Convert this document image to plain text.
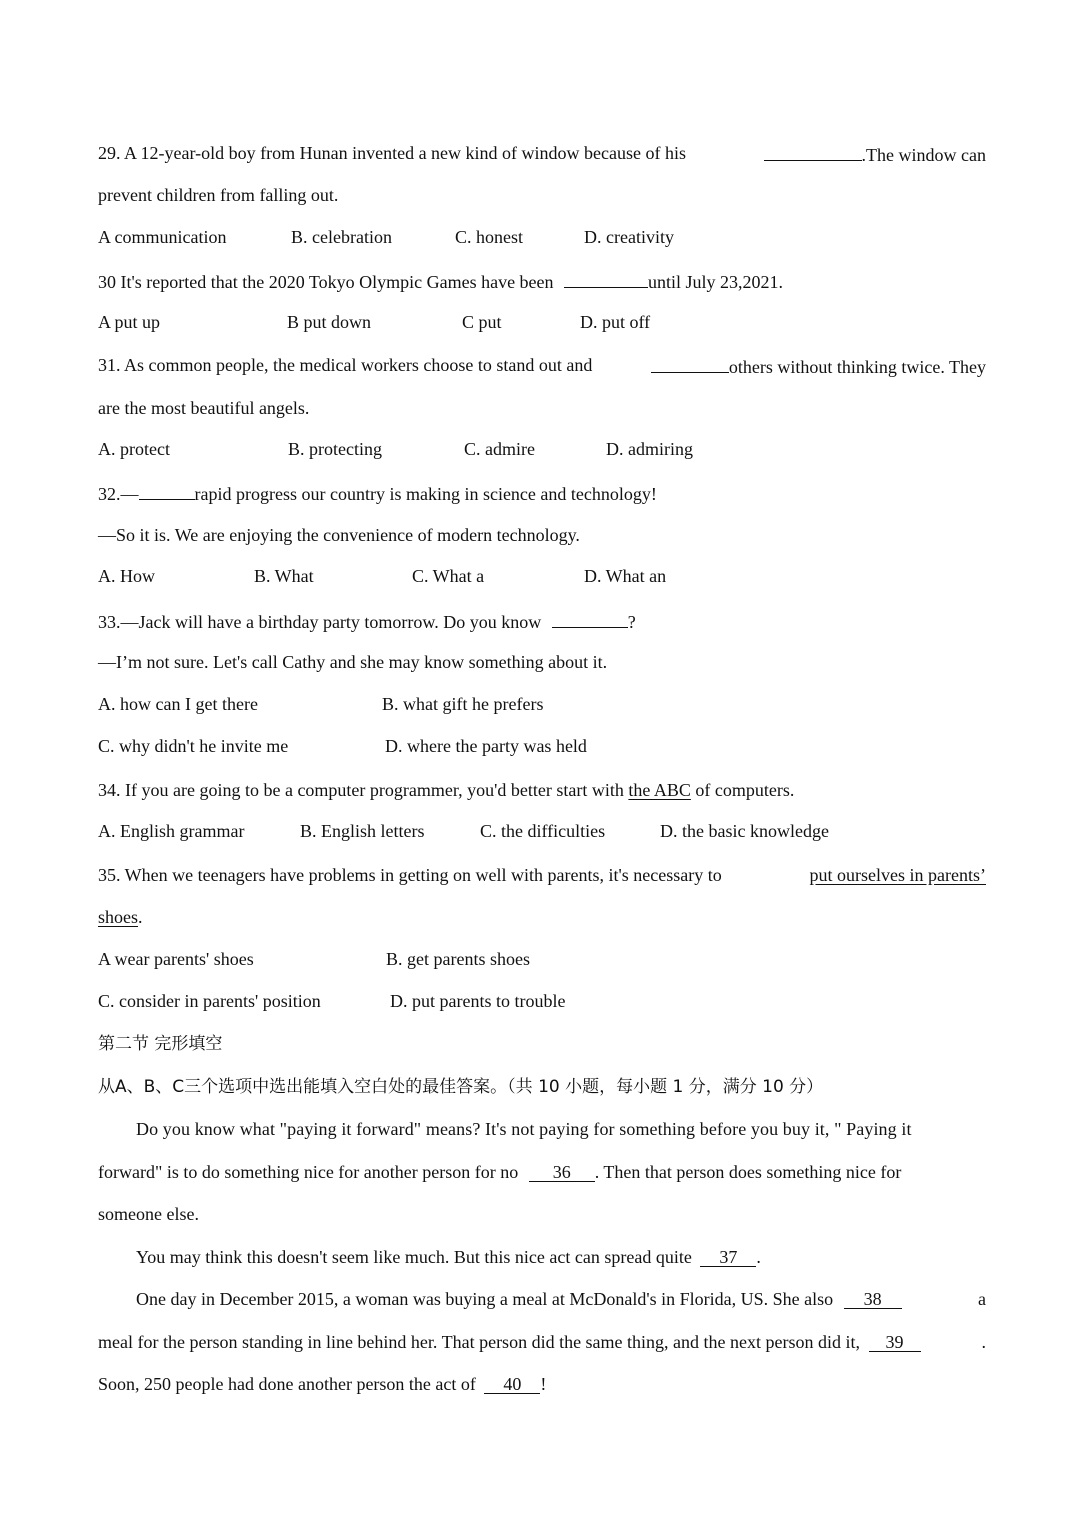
29. A 12-year-old boy from Hunan invented a new kind of window because of his	.The window can
prevent children from falling out.
A communication	B. celebration	C. honest	D. creativity
30 It's reported that the 2020 Tokyo Olympic Games have been	until July 23,2021.
A put up	B put down	C put	D. put off
31. As common people, the medical workers choose to stand out and	others without thinking twice. They
are the most beautiful angels.
A. protect	B. protecting	C. admire	D. admiring
32.—	rapid progress our country is making in science and technology!
—So it is. We are enjoying the convenience of modern technology.
A. How	B. What	C. What a	D. What an
33.—Jack will have a birthday party tomorrow. Do you know	?
—I’m not sure. Let's call Cathy and she may know something about it.
A. how can I get there	B. what gift he prefers
C. why didn't he invite me	D. where the party was held
34. If you are going to be a computer programmer, you'd better start with the ABC of computers.
A. English grammar	B. English letters	C. the difficulties	D. the basic knowledge
35. When we teenagers have problems in getting on well with parents, it's necessary to	put ourselves in parents’
shoes.
A wear parents' shoes	B. get parents shoes
C. consider in parents' position	D. put parents to trouble
第二节 完形填空
从A、B、C三个选项中选出能填入空白处的最佳答案。（共 10 小题，每小题 1 分，满分 10 分）
Do you know what "paying it forward" means? It's not paying for something before you buy it, " Paying it
forward" is to do something nice for another person for no 36 . Then that person does something nice for
someone else.
You may think this doesn't seem like much. But this nice act can spread quite 37 .
One day in December 2015, a woman was buying a meal at McDonald's in Florida, US. She also 38	a
meal for the person standing in line behind her. That person did the same thing, and the next person did it, 39	.
Soon, 250 people had done another person the act of 40 !
